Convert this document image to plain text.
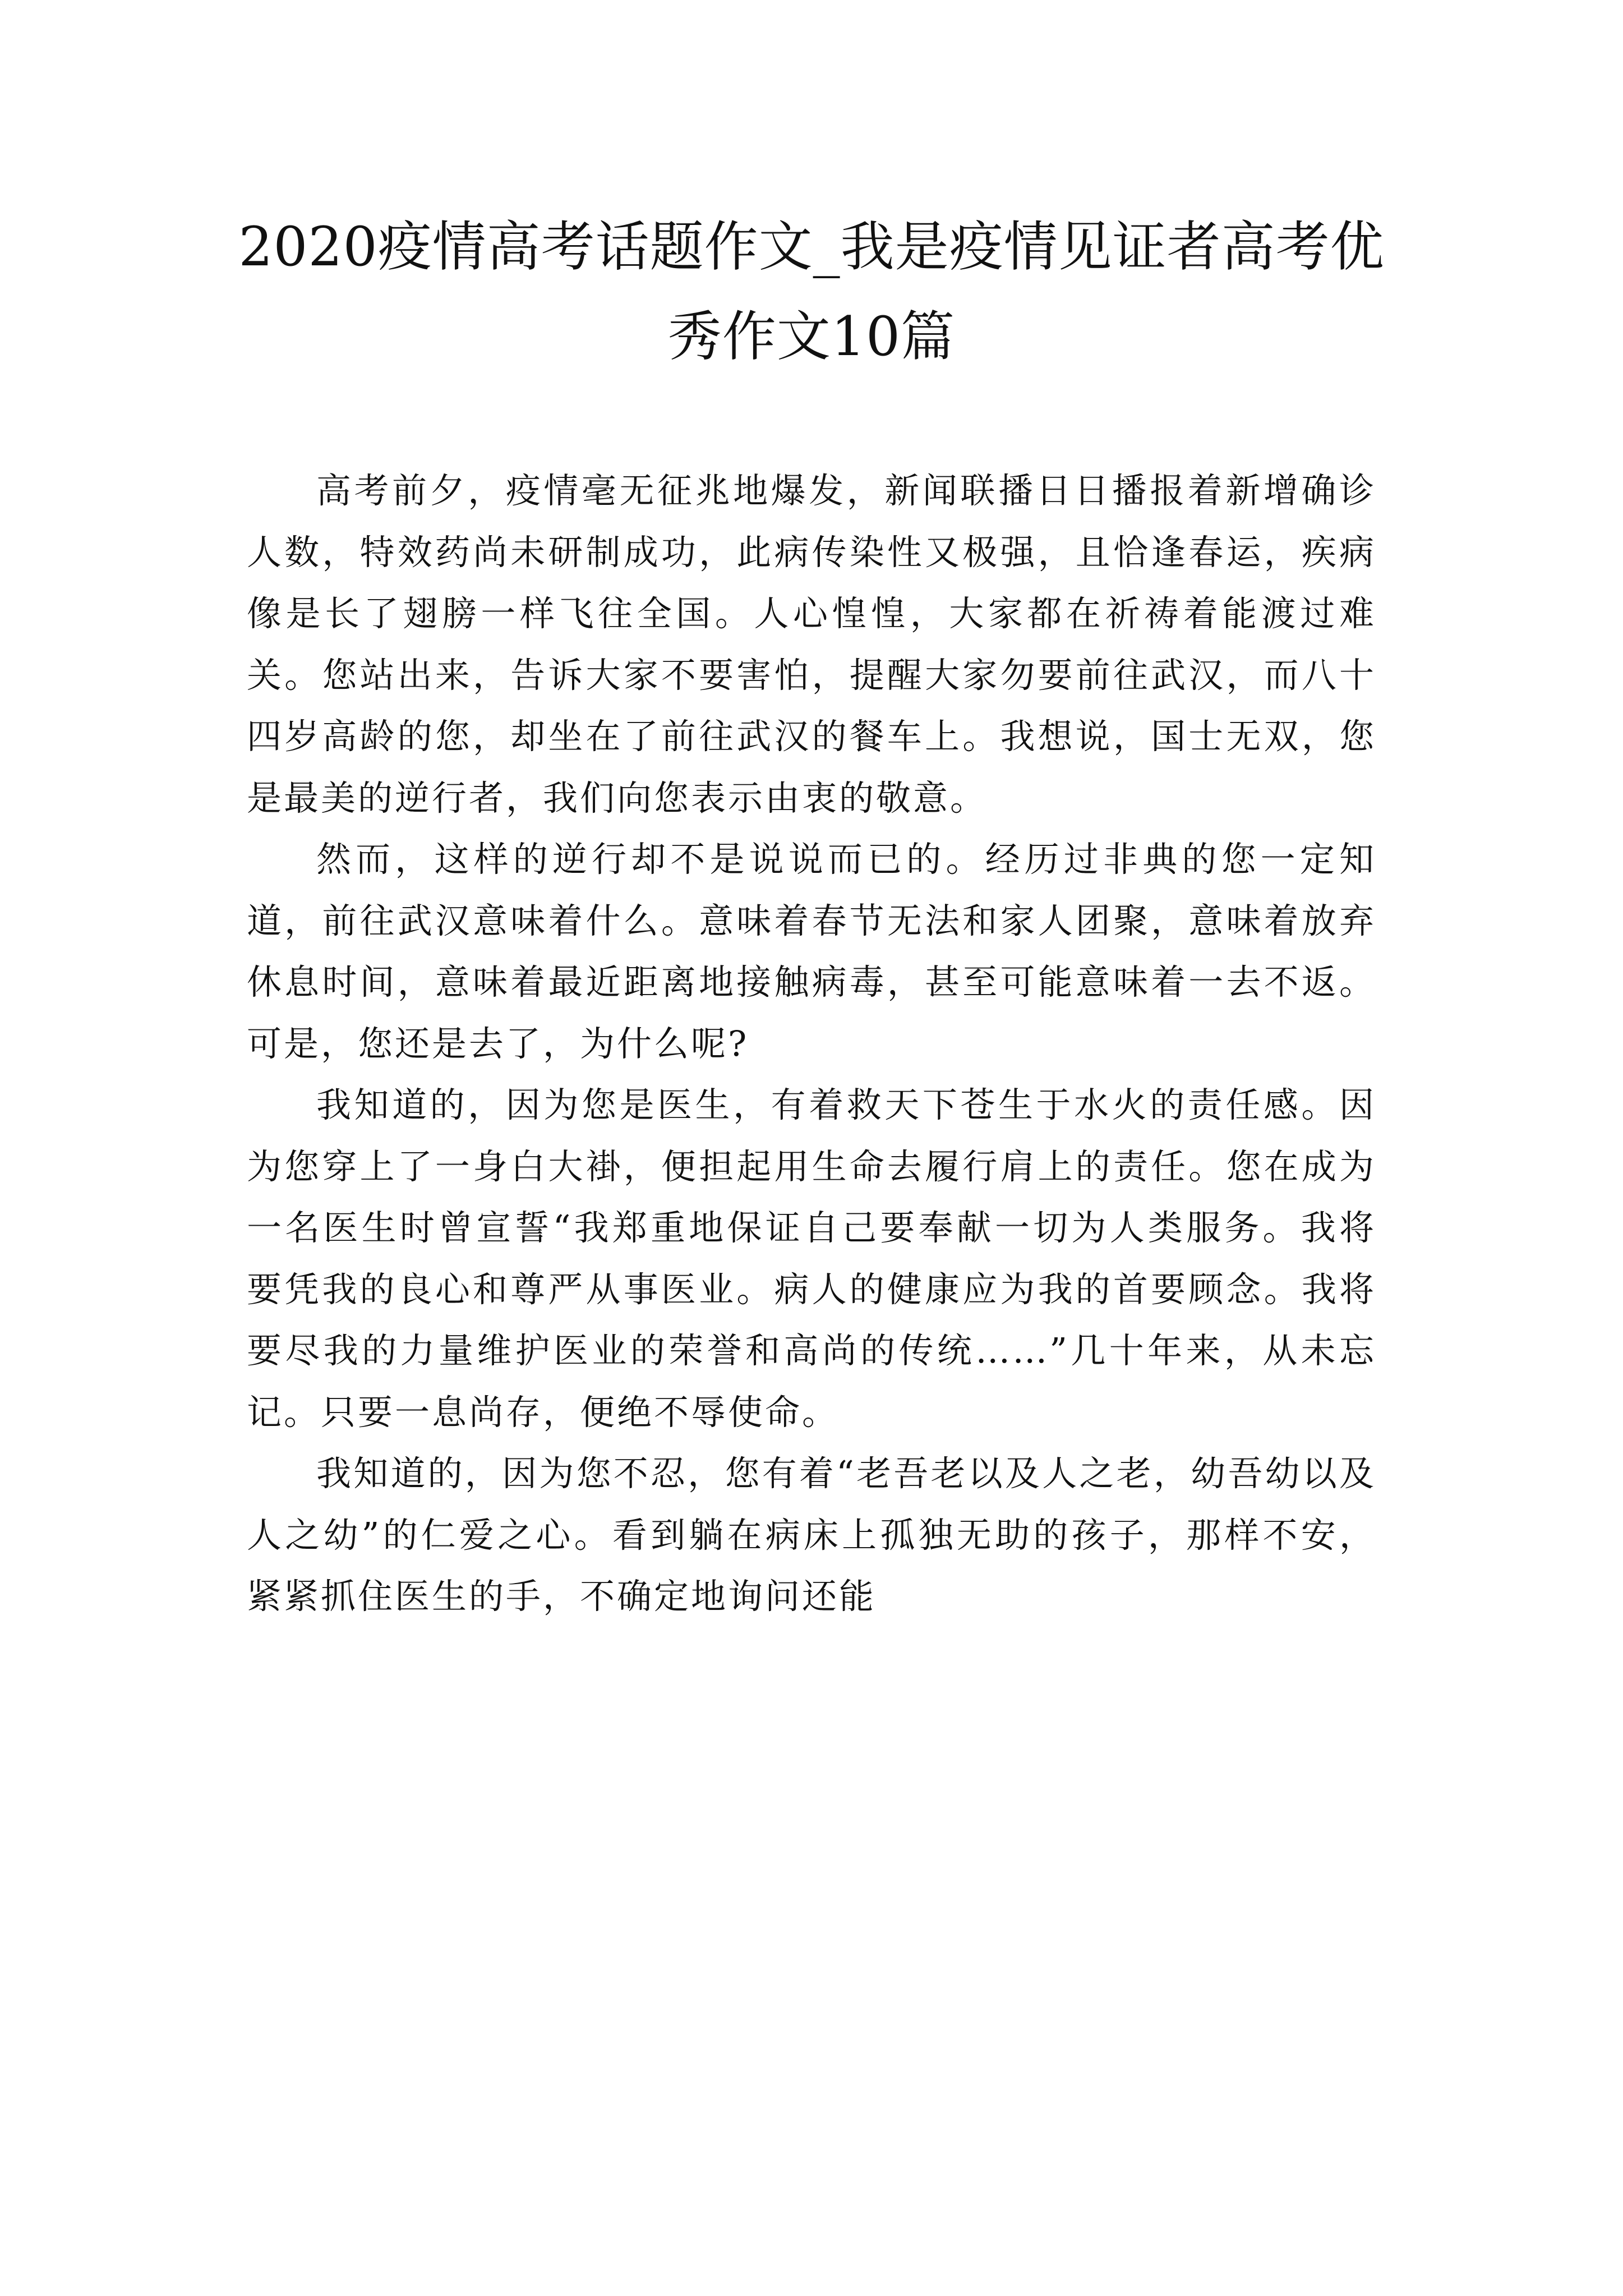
2020疫情高考话题作文_我是疫情见证者高考优秀作文10篇

高考前夕，疫情毫无征兆地爆发，新闻联播日日播报着新增确诊人数，特效药尚未研制成功，此病传染性又极强，且恰逢春运，疾病像是长了翅膀一样飞往全国。人心惶惶，大家都在祈祷着能渡过难关。您站出来，告诉大家不要害怕，提醒大家勿要前往武汉，而八十四岁高龄的您，却坐在了前往武汉的餐车上。我想说，国士无双，您是最美的逆行者，我们向您表示由衷的敬意。

然而，这样的逆行却不是说说而已的。经历过非典的您一定知道，前往武汉意味着什么。意味着春节无法和家人团聚，意味着放弃休息时间，意味着最近距离地接触病毒，甚至可能意味着一去不返。可是，您还是去了，为什么呢?

我知道的，因为您是医生，有着救天下苍生于水火的责任感。因为您穿上了一身白大褂，便担起用生命去履行肩上的责任。您在成为一名医生时曾宣誓“我郑重地保证自己要奉献一切为人类服务。我将要凭我的良心和尊严从事医业。病人的健康应为我的首要顾念。我将要尽我的力量维护医业的荣誉和高尚的传统……”几十年来，从未忘记。只要一息尚存，便绝不辱使命。

我知道的，因为您不忍，您有着“老吾老以及人之老，幼吾幼以及人之幼”的仁爱之心。看到躺在病床上孤独无助的孩子，那样不安，紧紧抓住医生的手，不确定地询问还能
